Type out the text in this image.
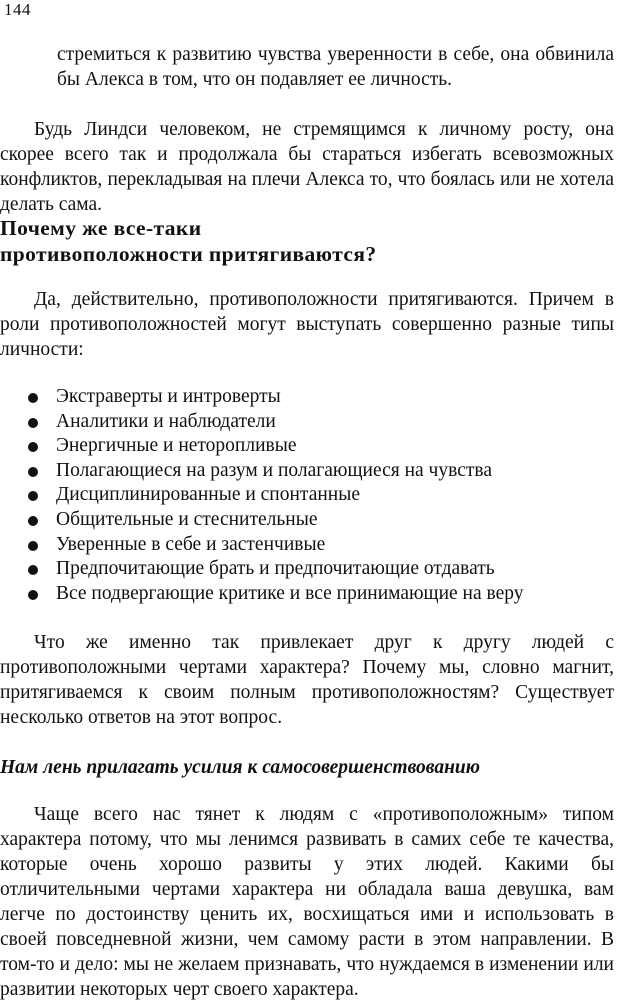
144
стремиться к развитию чувства уверенности в себе, она обвинила бы Алекса в том, что он подавляет ее личность.
Будь Линдси человеком, не стремящимся к личному росту, она скорее всего так и продолжала бы стараться избегать всевозможных конфликтов, перекладывая на плечи Алекса то, что боялась или не хотела делать сама.
Почему же все-таки
противоположности притягиваются?
Да, действительно, противоположности притягиваются. Причем в роли противоположностей могут выступать совершенно разные типы личности:
Экстраверты и интроверты
Аналитики и наблюдатели
Энергичные и неторопливые
Полагающиеся на разум и полагающиеся на чувства
Дисциплинированные и спонтанные
Общительные и стеснительные
Уверенные в себе и застенчивые
Предпочитающие брать и предпочитающие отдавать
Все подвергающие критике и все принимающие на веру
Что же именно так привлекает друг к другу людей с противоположными чертами характера? Почему мы, словно магнит, притягиваемся к своим полным противоположностям? Существует несколько ответов на этот вопрос.
Нам лень прилагать усилия к самосовершенствованию
Чаще всего нас тянет к людям с «противоположным» типом характера потому, что мы ленимся развивать в самих себе те качества, которые очень хорошо развиты у этих людей. Какими бы отличительными чертами характера ни обладала ваша девушка, вам легче по достоинству ценить их, восхищаться ими и использовать в своей повседневной жизни, чем самому расти в этом направлении. В том-то и дело: мы не желаем признавать, что нуждаемся в изменении или развитии некоторых черт своего характера.
